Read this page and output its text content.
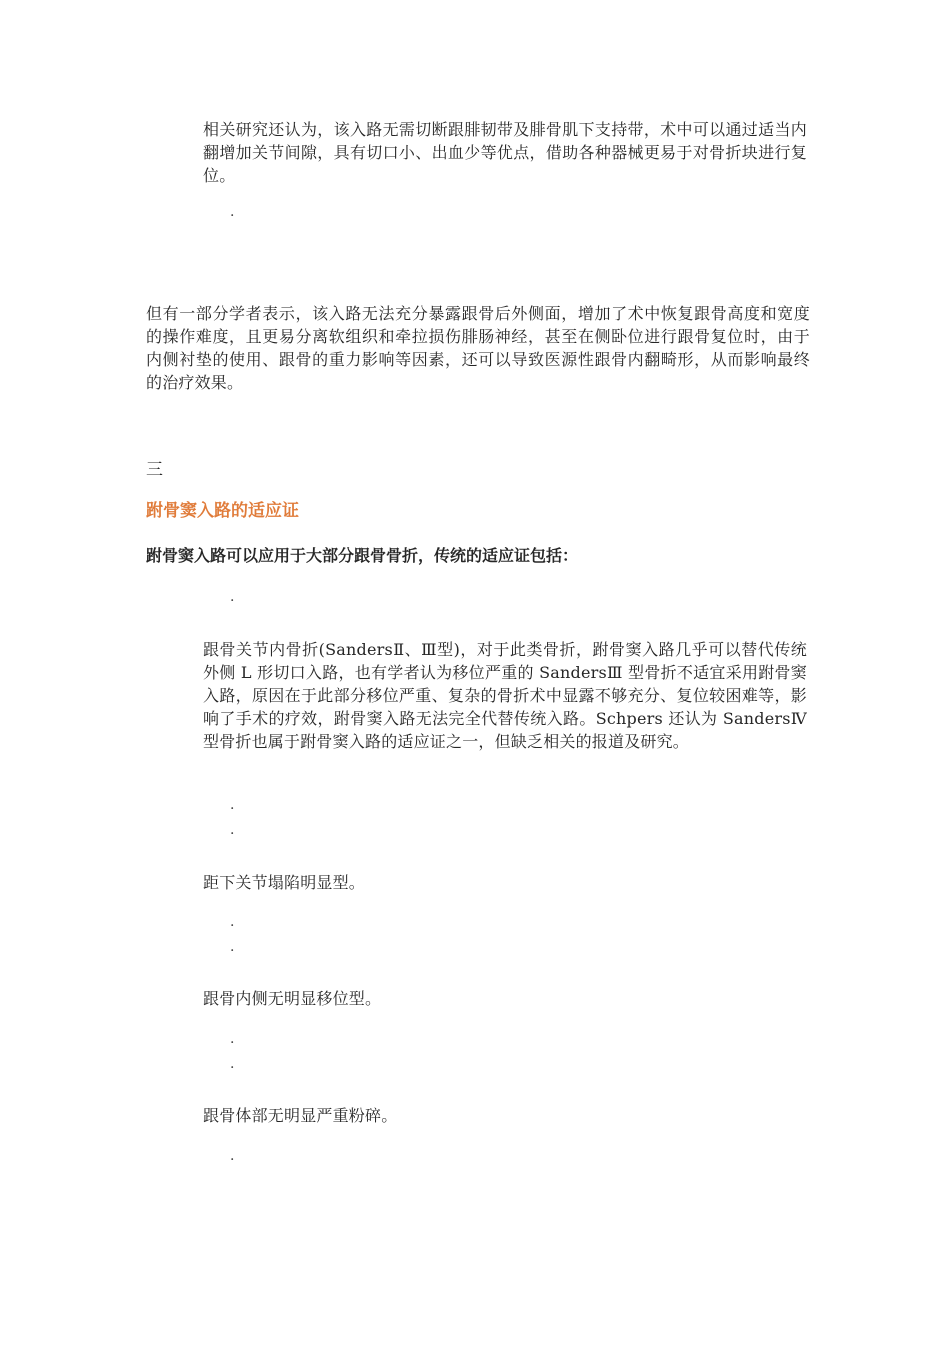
相关研究还认为，该入路无需切断跟腓韧带及腓骨肌下支持带，术中可以通过适当内翻增加关节间隙，具有切口小、出血少等优点，借助各种器械更易于对骨折块进行复位。

·

但有一部分学者表示，该入路无法充分暴露跟骨后外侧面，增加了术中恢复跟骨高度和宽度的操作难度，且更易分离软组织和牵拉损伤腓肠神经，甚至在侧卧位进行跟骨复位时，由于内侧衬垫的使用、跟骨的重力影响等因素，还可以导致医源性跟骨内翻畸形，从而影响最终的治疗效果。

三

跗骨窦入路的适应证

跗骨窦入路可以应用于大部分跟骨骨折，传统的适应证包括：

·

跟骨关节内骨折(SandersⅡ、Ⅲ型)，对于此类骨折，跗骨窦入路几乎可以替代传统外侧 L 形切口入路，也有学者认为移位严重的 SandersⅢ 型骨折不适宜采用跗骨窦入路，原因在于此部分移位严重、复杂的骨折术中显露不够充分、复位较困难等，影响了手术的疗效，跗骨窦入路无法完全代替传统入路。Schpers 还认为 SandersⅣ 型骨折也属于跗骨窦入路的适应证之一，但缺乏相关的报道及研究。

·
·

距下关节塌陷明显型。

·
·

跟骨内侧无明显移位型。

·
·

跟骨体部无明显严重粉碎。

·
